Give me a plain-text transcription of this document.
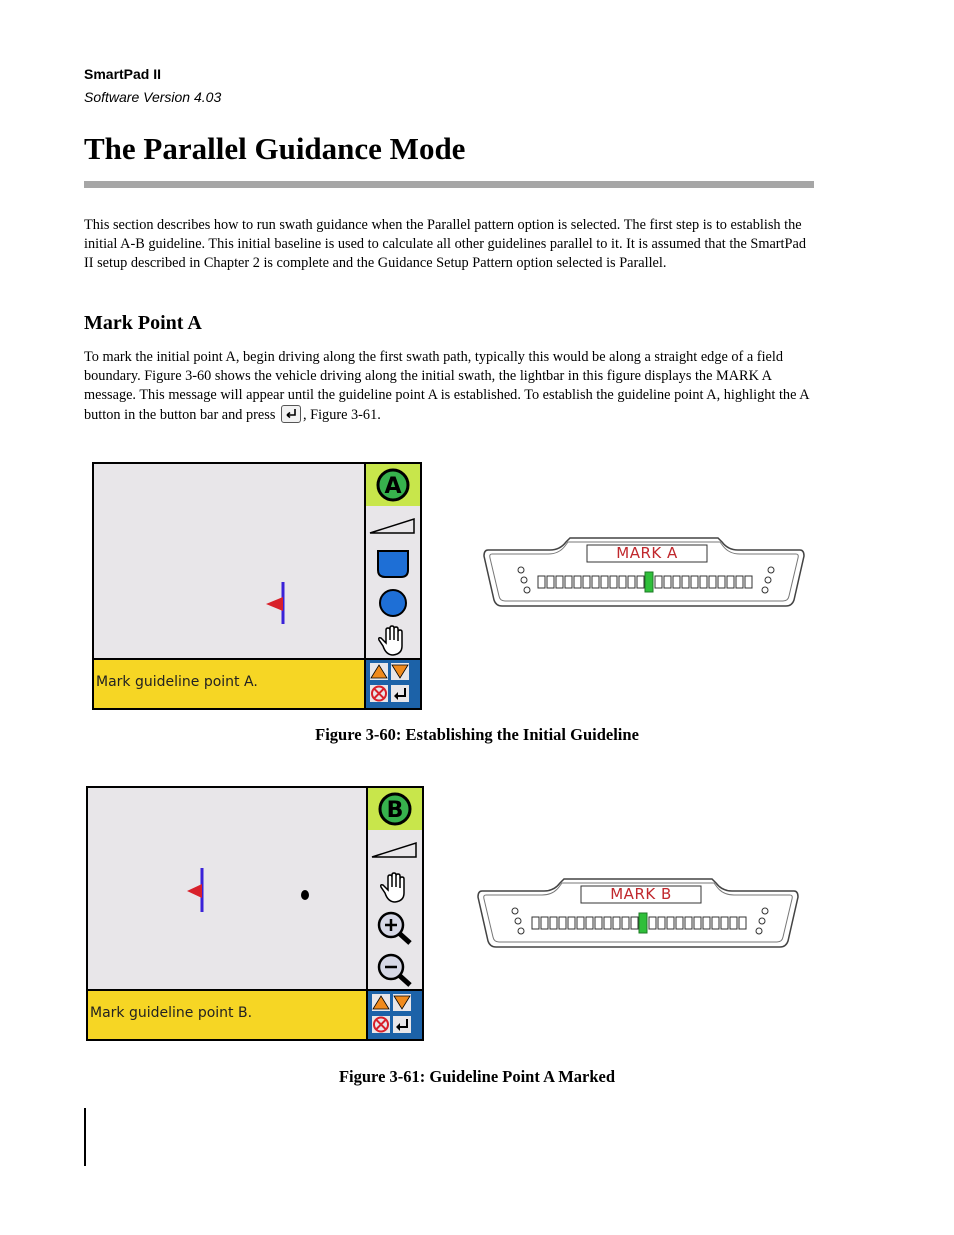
SmartPad II
Software Version 4.03
The Parallel Guidance Mode

This section describes how to run swath guidance when the Parallel pattern option is selected. The first step is to establish the initial A-B guideline. This initial baseline is used to calculate all other guidelines parallel to it. It is assumed that the SmartPad II setup described in Chapter 2 is complete and the Guidance Setup Pattern option selected is Parallel.

Mark Point A

To mark the initial point A, begin driving along the first swath path, typically this would be along a straight edge of a field boundary. Figure 3-60 shows the vehicle driving along the initial swath, the lightbar in this figure displays the MARK A message. This message will appear until the guideline point A is established. To establish the guideline point A, highlight the A button in the button bar and press , Figure 3-61.

A
Mark guideline point A.
MARK A

Figure 3-60: Establishing the Initial Guideline

B
Mark guideline point B.
MARK B

Figure 3-61: Guideline Point A Marked
